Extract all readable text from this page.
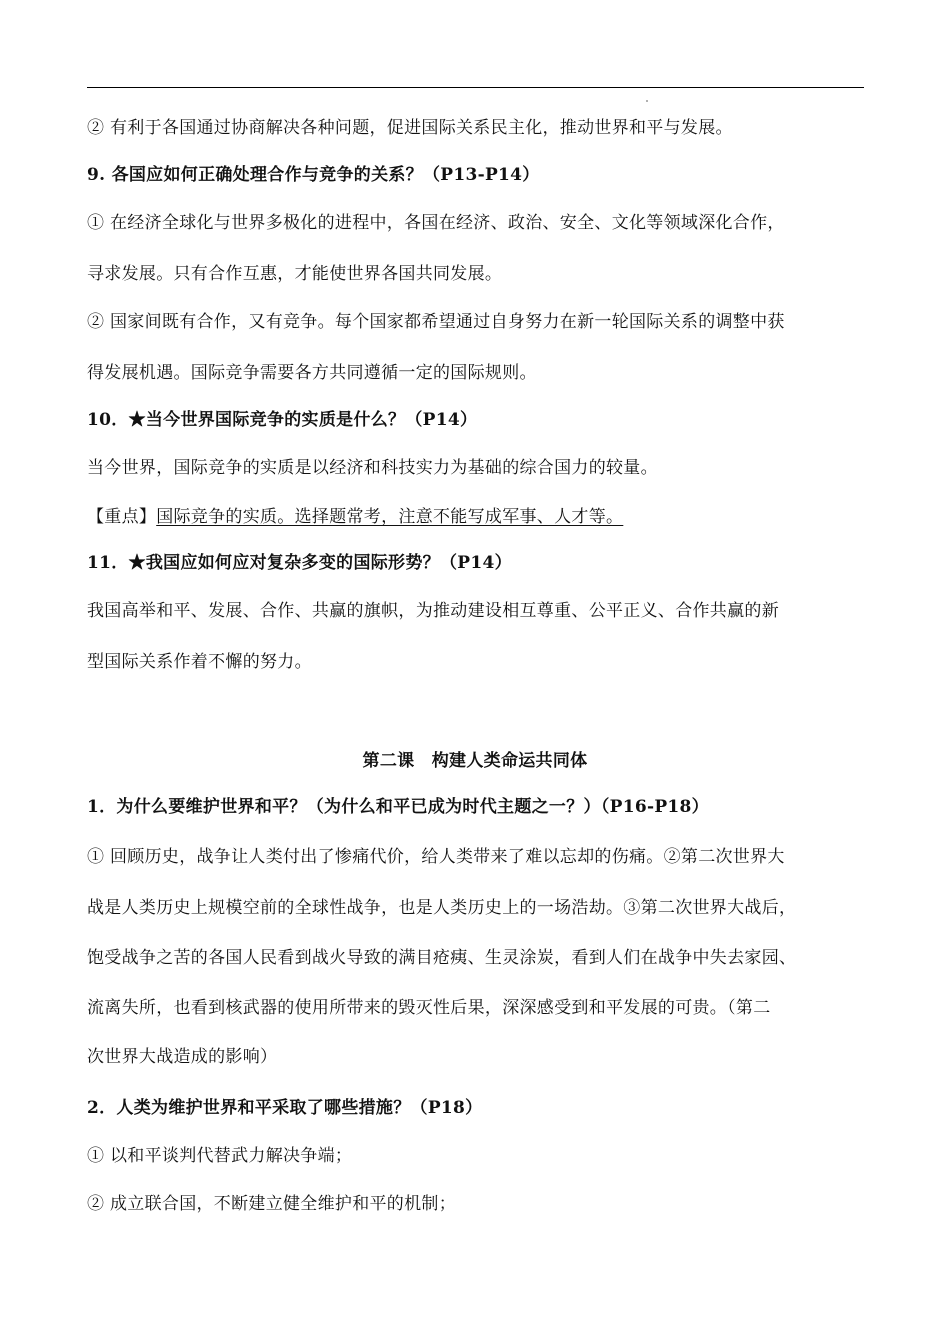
② 有利于各国通过协商解决各种问题，促进国际关系民主化，推动世界和平与发展。
9. 各国应如何正确处理合作与竞争的关系？（P13-P14）
① 在经济全球化与世界多极化的进程中，各国在经济、政治、安全、文化等领域深化合作，
寻求发展。只有合作互惠，才能使世界各国共同发展。
② 国家间既有合作，又有竞争。每个国家都希望通过自身努力在新一轮国际关系的调整中获
得发展机遇。国际竞争需要各方共同遵循一定的国际规则。
10．★当今世界国际竞争的实质是什么？（P14）
当今世界，国际竞争的实质是以经济和科技实力为基础的综合国力的较量。
【重点】国际竞争的实质。选择题常考，注意不能写成军事、人才等。
11．★我国应如何应对复杂多变的国际形势？（P14）
我国高举和平、发展、合作、共赢的旗帜，为推动建设相互尊重、公平正义、合作共赢的新
型国际关系作着不懈的努力。
第二课　构建人类命运共同体
1．为什么要维护世界和平？（为什么和平已成为时代主题之一？）（P16-P18）
① 回顾历史，战争让人类付出了惨痛代价，给人类带来了难以忘却的伤痛。②第二次世界大
战是人类历史上规模空前的全球性战争，也是人类历史上的一场浩劫。③第二次世界大战后，
饱受战争之苦的各国人民看到战火导致的满目疮痍、生灵涂炭，看到人们在战争中失去家园、
流离失所，也看到核武器的使用所带来的毁灭性后果，深深感受到和平发展的可贵。（第二
次世界大战造成的影响）
2．人类为维护世界和平采取了哪些措施？（P18）
① 以和平谈判代替武力解决争端；
② 成立联合国，不断建立健全维护和平的机制；
